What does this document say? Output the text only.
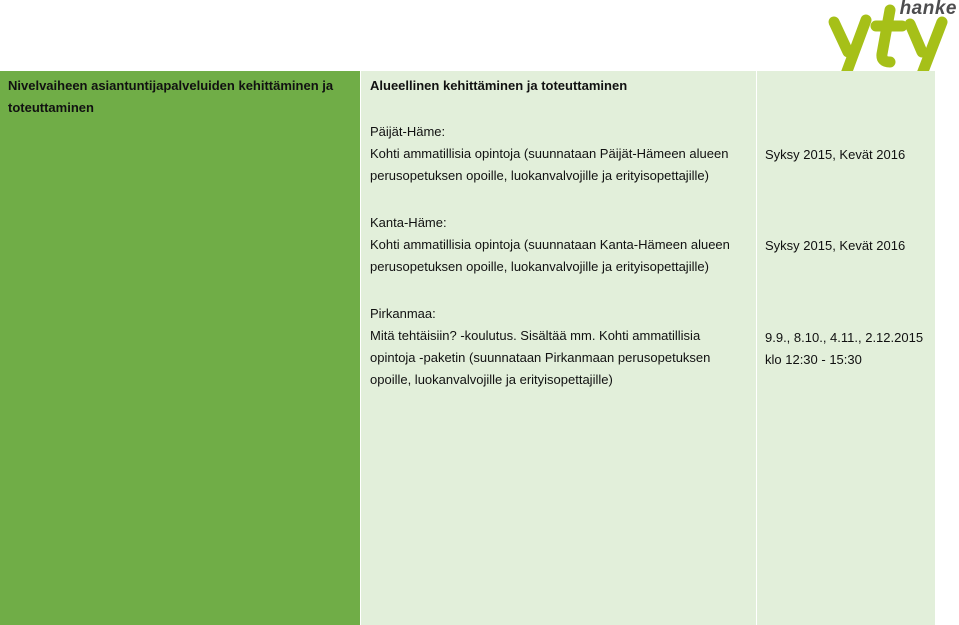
hanke
Nivelvaiheen asiantuntijapalveluiden kehittäminen ja toteuttaminen
Alueellinen kehittäminen ja toteuttaminen
Päijät-Häme:
Kohti ammatillisia opintoja (suunnataan Päijät-Hämeen alueen
perusopetuksen opoille, luokanvalvojille ja erityisopettajille)
Kanta-Häme:
Kohti ammatillisia opintoja (suunnataan Kanta-Hämeen alueen
perusopetuksen opoille, luokanvalvojille ja erityisopettajille)
Pirkanmaa:
Mitä tehtäisiin? -koulutus. Sisältää mm. Kohti ammatillisia
opintoja -paketin (suunnataan Pirkanmaan perusopetuksen
opoille, luokanvalvojille ja erityisopettajille)
Syksy 2015, Kevät 2016
Syksy 2015, Kevät 2016
9.9., 8.10., 4.11., 2.12.2015
klo 12:30 - 15:30
